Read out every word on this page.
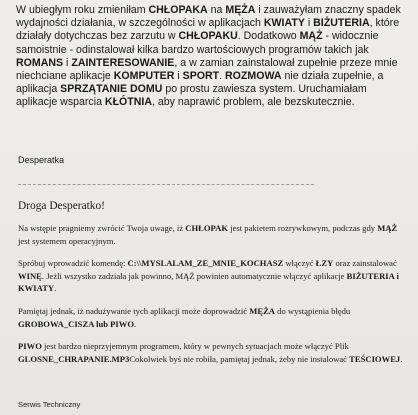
W ubiegłym roku zmieniłam CHŁOPAKA na MĘŻA i zauważyłam znaczny spadek wydajności działania, w szczególności w aplikacjach KWIATY i BIŻUTERIA, które działały dotychczas bez zarzutu w CHŁOPAKU. Dodatkowo MĄŻ - widocznie samoistnie - odinstalował kilka bardzo wartościowych programów takich jak ROMANS i ZAINTERESOWANIE, a w zamian zainstalował zupełnie przeze mnie niechciane aplikacje KOMPUTER i SPORT. ROZMOWA nie działa zupełnie, a aplikacja SPRZĄTANIE DOMU po prostu zawiesza system. Uruchamiałam aplikacje wsparcia KŁÓTNIA, aby naprawić problem, ale bezskutecznie.

Desperatka

Droga Desperatko!

Na wstępie pragniemy zwrócić Twoja uwage, iż CHŁOPAK jest pakietem rozrywkowym, podczas gdy MĄŻ jest systemem operacyjnym.

Spróbuj wprowadzić komendę: C:\\MYSLALAM_ZE_MNIE_KOCHASZ włączyć ŁZY oraz zainstalować WINĘ. Jeżli wszystko zadziała jak powinno, MĄŻ powinien automatycznie włączyć aplikacje BIŻUTERIA i KWIATY.

Pamiętaj jednak, iż nadużywanie tych aplikacji może doprowadzić MĘŻA do wystąpienia błędu GROBOWA_CISZA lub PIWO.

PIWO jest bardzo nieprzyjemnym programem, który w pewnych sytuacjach może włączyć Plik GLOSNE_CHRAPANIE.MP3Cokolwiek byś nie robiła, pamiętaj jednak, żeby nie instalować TEŚCIOWEJ.

Serwis Techniczny
